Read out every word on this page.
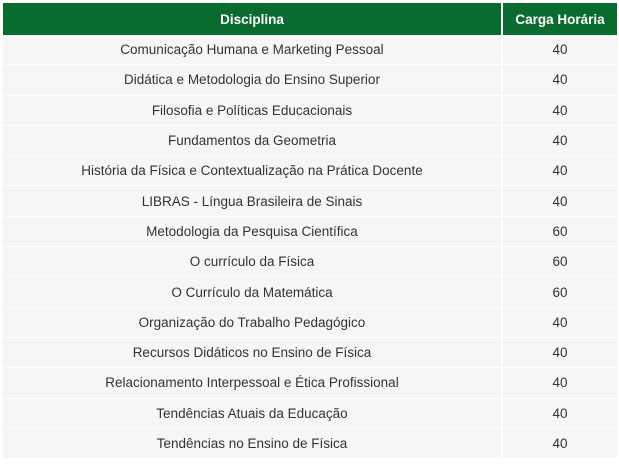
Disciplina	Carga Horária
Comunicação Humana e Marketing Pessoal	40
Didática e Metodologia do Ensino Superior	40
Filosofia e Políticas Educacionais	40
Fundamentos da Geometria	40
História da Física e Contextualização na Prática Docente	40
LIBRAS - Língua Brasileira de Sinais	40
Metodologia da Pesquisa Científica	60
O currículo da Física	60
O Currículo da Matemática	60
Organização do Trabalho Pedagógico	40
Recursos Didáticos no Ensino de Física	40
Relacionamento Interpessoal e Ética Profissional	40
Tendências Atuais da Educação	40
Tendências no Ensino de Física	40
